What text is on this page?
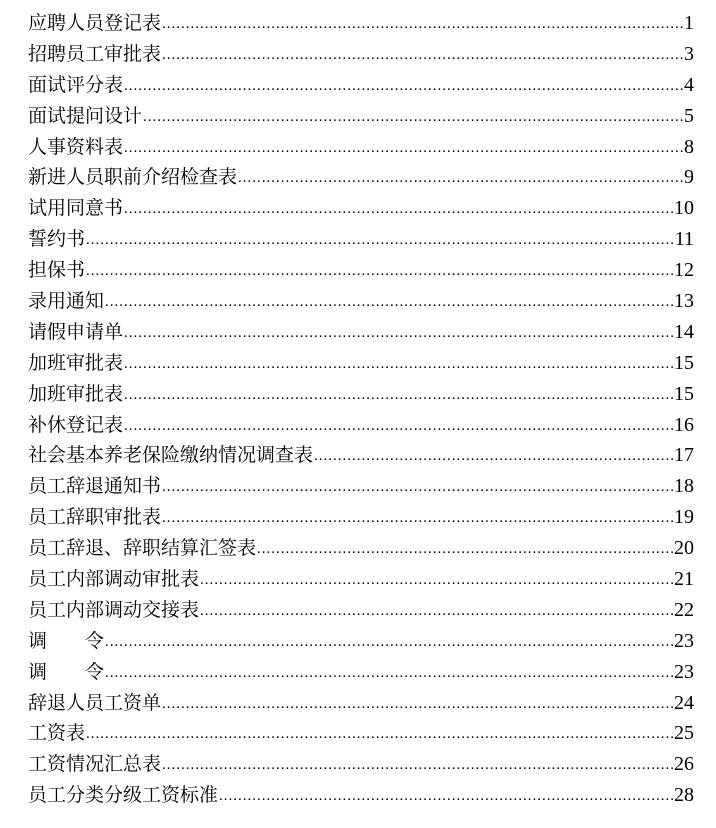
应聘人员登记表 .....	1
招聘员工审批表 .....	3
面试评分表 .....	4
面试提问设计 .....	5
人事资料表 .....	8
新进人员职前介绍检查表 .....	9
试用同意书 .....	10
誓约书 .....	11
担保书 .....	12
录用通知 .....	13
请假申请单 .....	14
加班审批表 .....	15
加班审批表 .....	15
补休登记表 .....	16
社会基本养老保险缴纳情况调查表 .....	17
员工辞退通知书 .....	18
员工辞职审批表 .....	19
员工辞退、辞职结算汇签表 .....	20
员工内部调动审批表 .....	21
员工内部调动交接表 .....	22
调　　令 .....	23
调　　令 .....	23
辞退人员工资单 .....	24
工资表 .....	25
工资情况汇总表 .....	26
员工分类分级工资标准 .....	28
